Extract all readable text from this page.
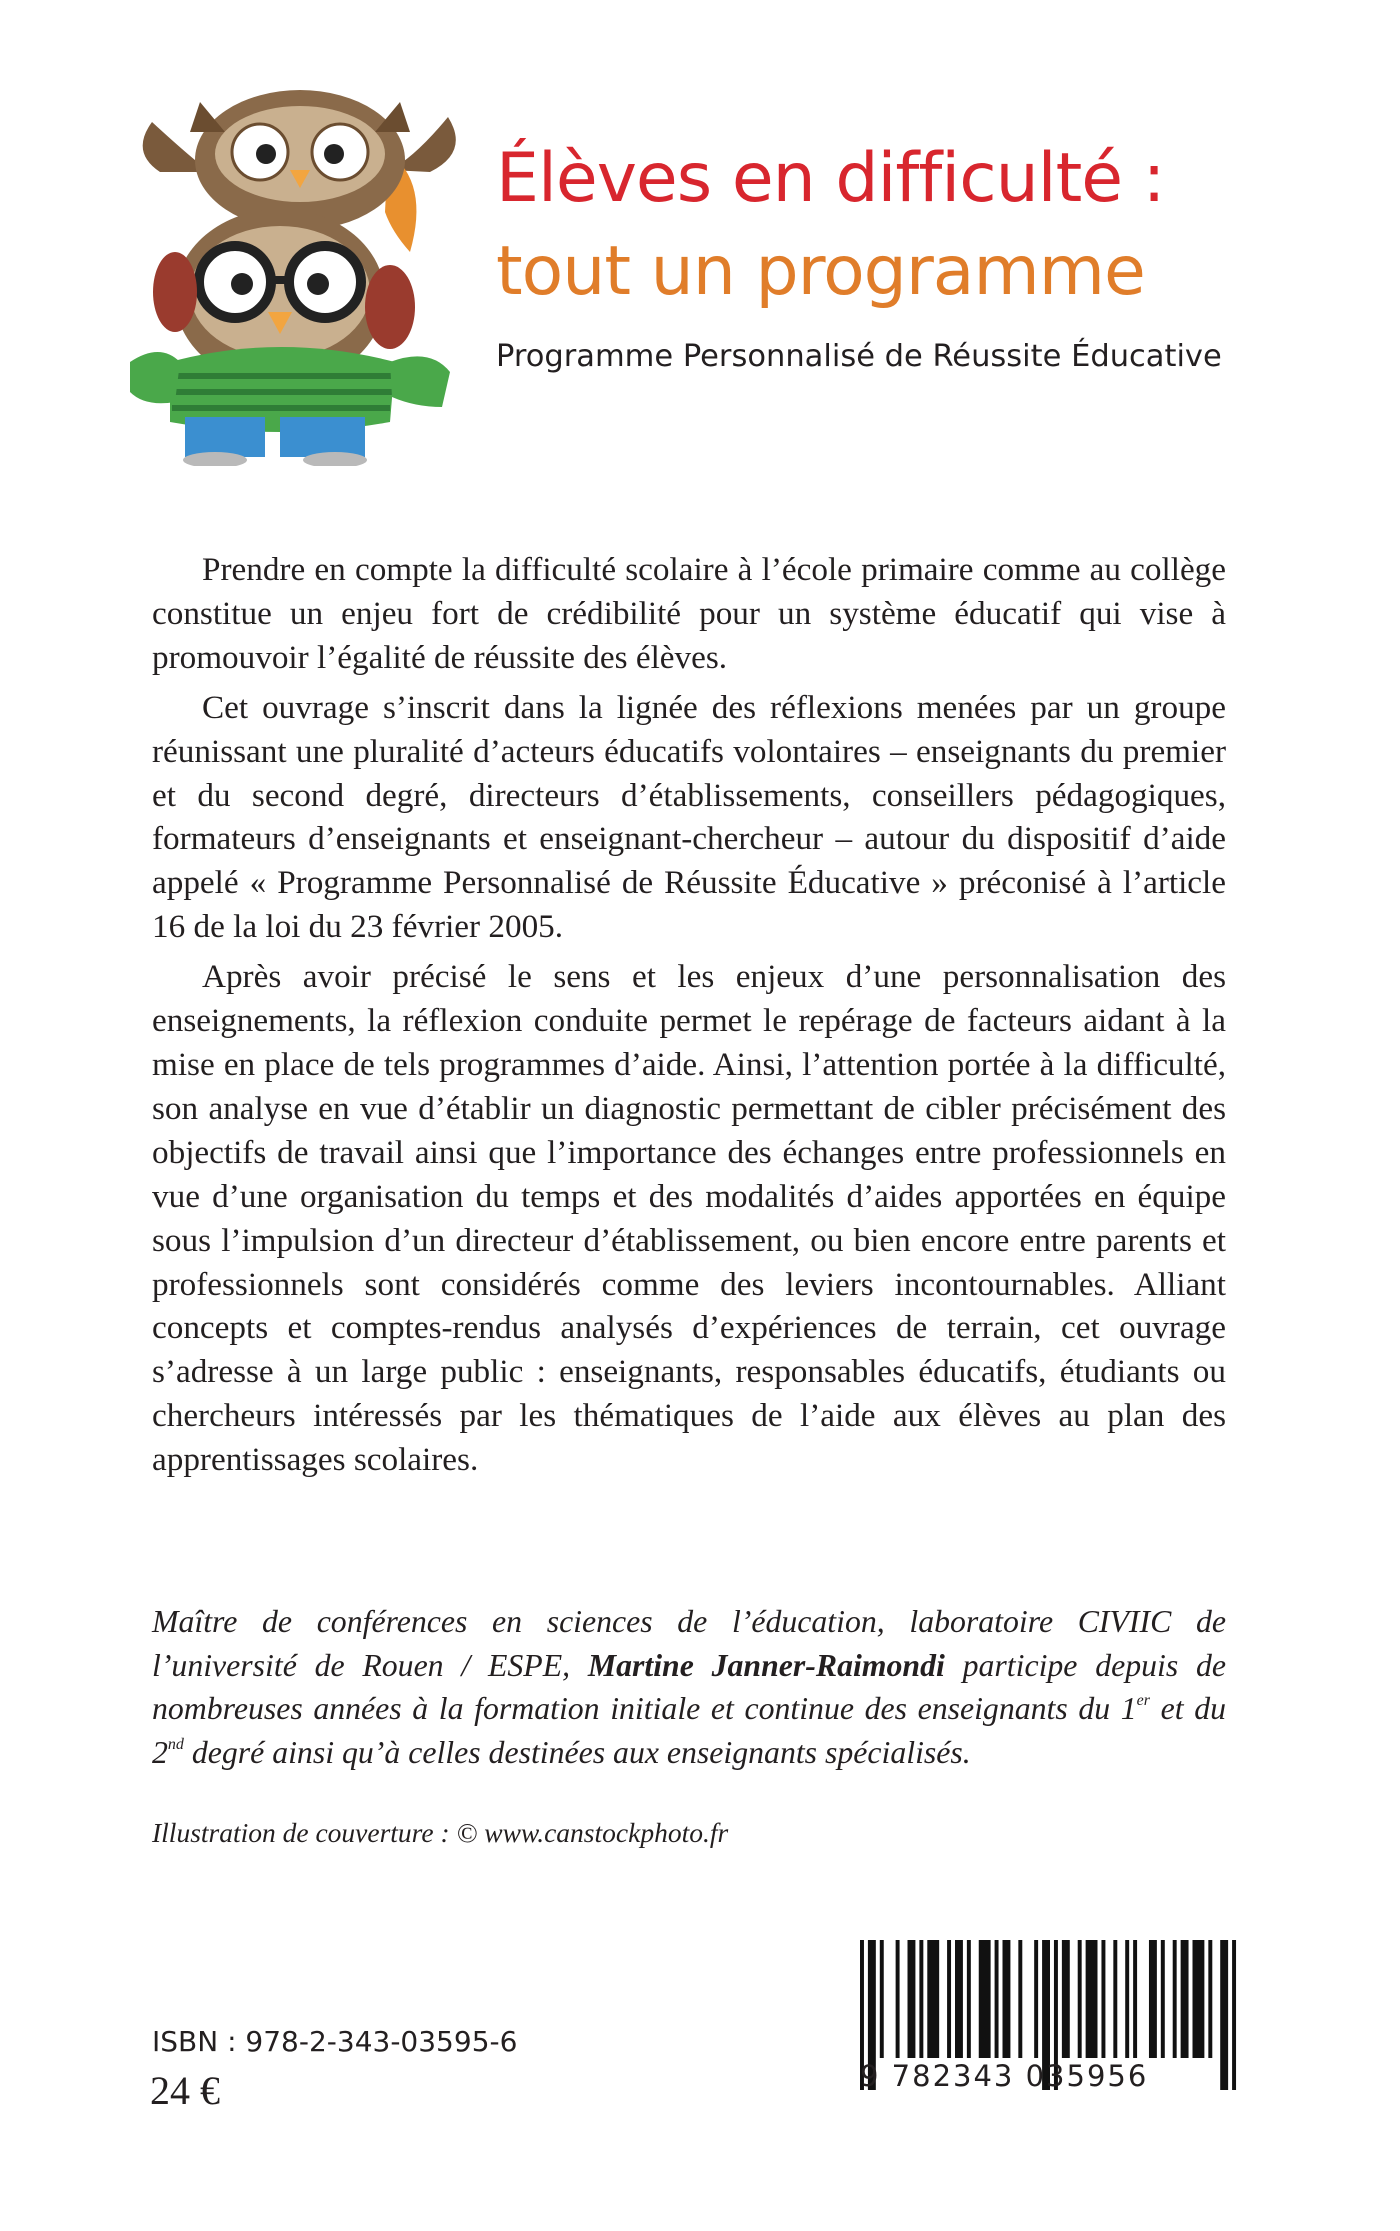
Élèves en difficulté :
tout un programme
Programme Personnalisé de Réussite Éducative

Prendre en compte la difficulté scolaire à l’école primaire comme au collège constitue un enjeu fort de crédibilité pour un système éducatif qui vise à promouvoir l’égalité de réussite des élèves.

Cet ouvrage s’inscrit dans la lignée des réflexions menées par un groupe réunissant une pluralité d’acteurs éducatifs volontaires – enseignants du premier et du second degré, directeurs d’établissements, conseillers pédagogiques, formateurs d’enseignants et enseignant-chercheur – autour du dispositif d’aide appelé « Programme Personnalisé de Réussite Éducative » préconisé à l’article 16 de la loi du 23 février 2005.

Après avoir précisé le sens et les enjeux d’une personnalisation des enseignements, la réflexion conduite permet le repérage de facteurs aidant à la mise en place de tels programmes d’aide. Ainsi, l’attention portée à la difficulté, son analyse en vue d’établir un diagnostic permettant de cibler précisément des objectifs de travail ainsi que l’importance des échanges entre professionnels en vue d’une organisation du temps et des modalités d’aides apportées en équipe sous l’impulsion d’un directeur d’établissement, ou bien encore entre parents et professionnels sont considérés comme des leviers incontournables. Alliant concepts et comptes-rendus analysés d’expériences de terrain, cet ouvrage s’adresse à un large public : enseignants, responsables éducatifs, étudiants ou chercheurs intéressés par les thématiques de l’aide aux élèves au plan des apprentissages scolaires.

Maître de conférences en sciences de l’éducation, laboratoire CIVIIC de l’université de Rouen / ESPE, Martine Janner-Raimondi participe depuis de nombreuses années à la formation initiale et continue des enseignants du 1er et du 2nd degré ainsi qu’à celles destinées aux enseignants spécialisés.
Illustration de couverture : © www.canstockphoto.fr
ISBN : 978-2-343-03595-6
24 €	9 782343 035956
